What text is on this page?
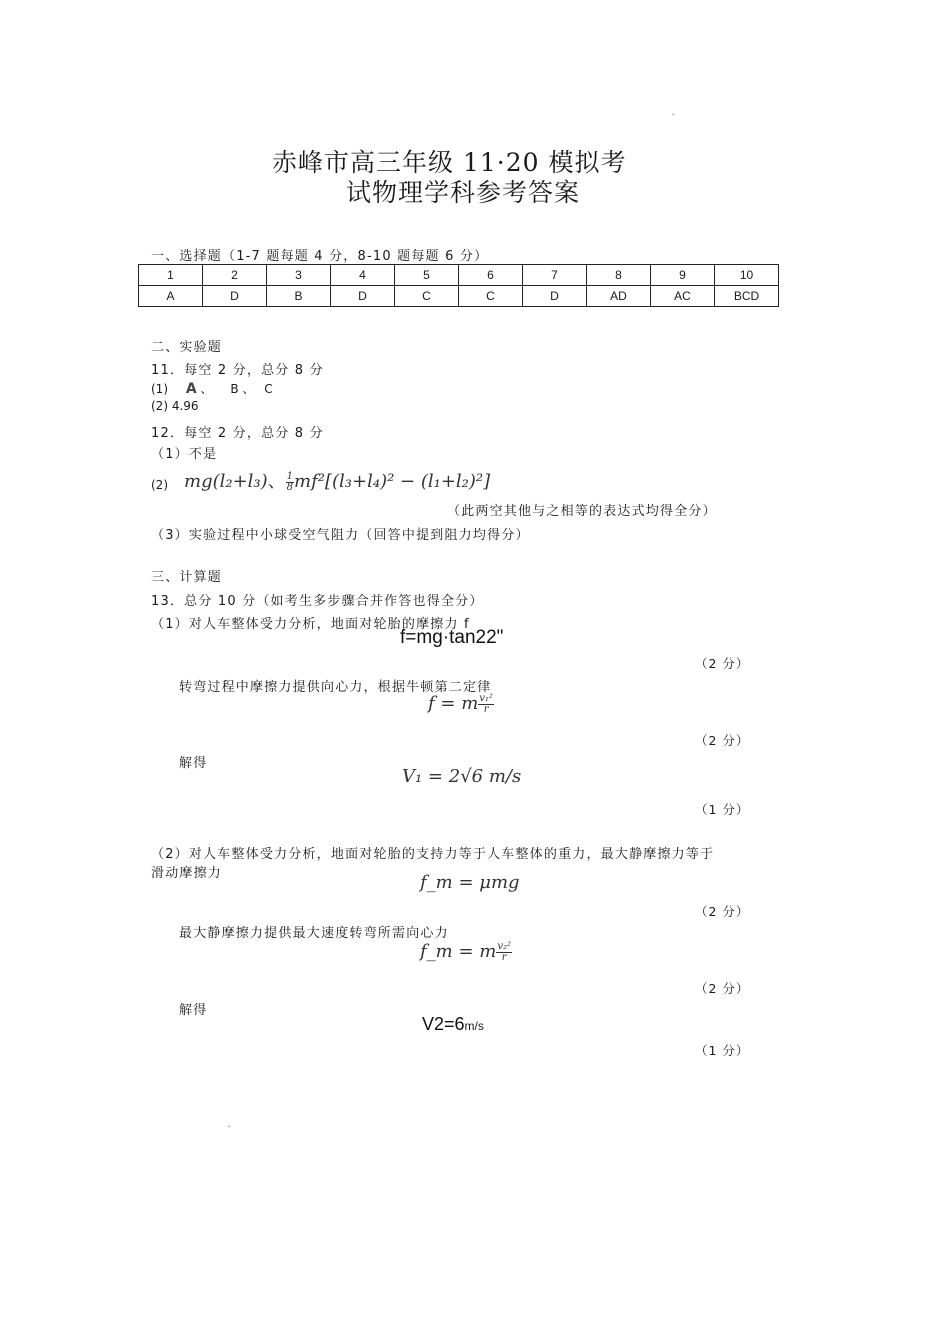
"
赤峰市高三年级 11·20 模拟考
试物理学科参考答案
一、选择题（1-7 题每题 4 分，8-10 题每题 6 分）
1	2	3	4	5	6	7	8	9	10
A	D	B	D	C	C	D	AD	AC	BCD
二、实验题
11．每空 2 分，总分 8 分
(1) A 、 B 、 C
(2) 4.96
12．每空 2 分，总分 8 分
（1）不是
(2) mg(l₂+l₃)、 $\frac{1}{8} mf^2[(l_3+l_4)^2 - (l_1+l_2)^2]$
（此两空其他与之相等的表达式均得全分）
（3）实验过程中小球受空气阻力（回答中提到阻力均得分）
三、计算题
13．总分 10 分（如考生多步骤合并作答也得全分）
（1）对人车整体受力分析，地面对轮胎的摩擦力 f
f=mg·tan22"
（2 分）
转弯过程中摩擦力提供向心力，根据牛顿第二定律
f = m $\frac{\text{v₁²}}{r}$
（2 分）
解得
V₁ = 2√6 m/s
（1 分）
（2）对人车整体受力分析，地面对轮胎的支持力等于人车整体的重力，最大静摩擦力等于
滑动摩擦力	f_m = μmg
（2 分）
最大静摩擦力提供最大速度转弯所需向心力
f_m = m $\frac{\text{v₂²}}{r}$
（2 分）
解得
V2=6m/s
（1 分）
"
